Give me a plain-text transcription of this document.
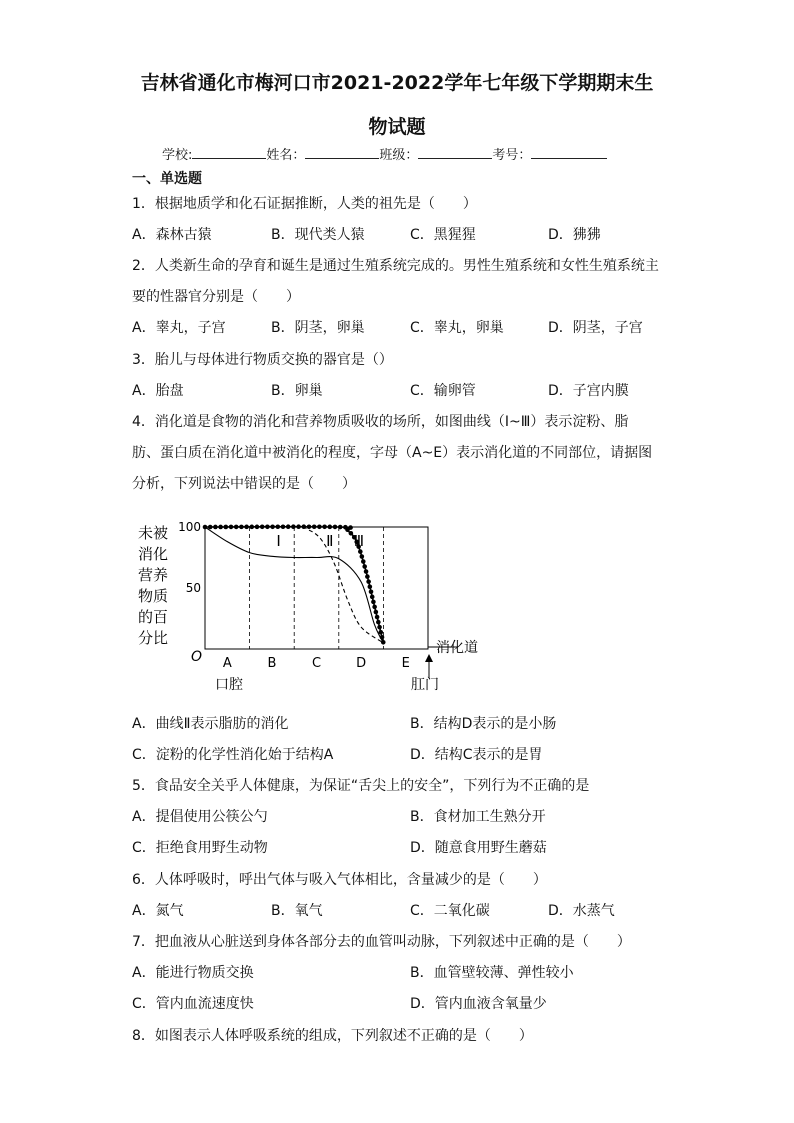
吉林省通化市梅河口市2021-2022学年七年级下学期期末生
物试题
学校:	姓名：	班级：	考号：
一、单选题
1．根据地质学和化石证据推断，人类的祖先是（　　）
A．森林古猿	B．现代类人猿	C．黑猩猩	D．狒狒
2．人类新生命的孕育和诞生是通过生殖系统完成的。男性生殖系统和女性生殖系统主
要的性器官分别是（　　）
A．睾丸，子宫	B．阴茎，卵巢	C．睾丸，卵巢	D．阴茎，子宫
3．胎儿与母体进行物质交换的器官是（）
A．胎盘	B．卵巢	C．输卵管	D．子宫内膜
4．消化道是食物的消化和营养物质吸收的场所，如图曲线（Ⅰ~Ⅲ）表示淀粉、脂
肪、蛋白质在消化道中被消化的程度，字母（A~E）表示消化道的不同部位，请据图
分析，下列说法中错误的是（　　）
未被
消化
营养
物质
的百
分比
50
100
Ⅰ	Ⅱ Ⅲ
A	B	C	D	E
消化道
O
口腔	肛门
A．曲线Ⅱ表示脂肪的消化	B．结构D表示的是小肠
C．淀粉的化学性消化始于结构A	D．结构C表示的是胃
5．食品安全关乎人体健康，为保证“舌尖上的安全”，下列行为不正确的是
A．提倡使用公筷公勺	B．食材加工生熟分开
C．拒绝食用野生动物	D．随意食用野生蘑菇
6．人体呼吸时，呼出气体与吸入气体相比，含量减少的是（　　）
A．氮气	B．氧气	C．二氧化碳	D．水蒸气
7．把血液从心脏送到身体各部分去的血管叫动脉，下列叙述中正确的是（　　）
A．能进行物质交换	B．血管壁较薄、弹性较小
C．管内血流速度快	D．管内血液含氧量少
8．如图表示人体呼吸系统的组成，下列叙述不正确的是（　　）
